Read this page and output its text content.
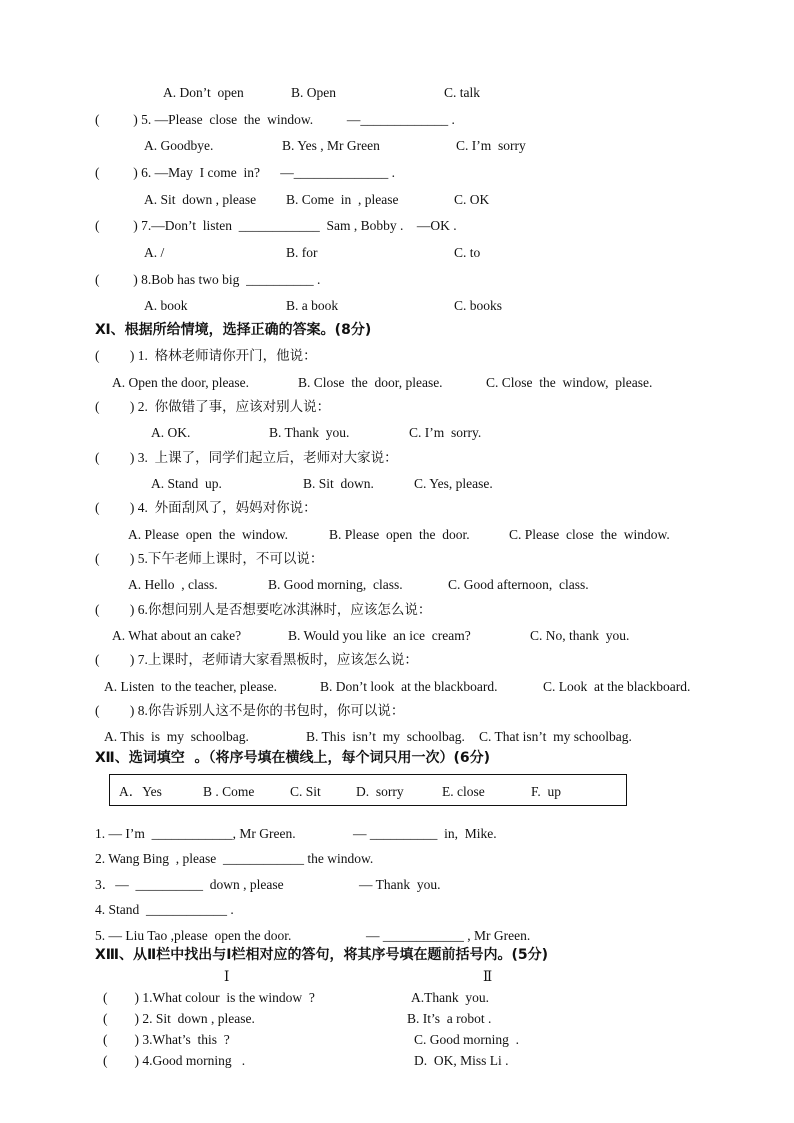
A. Don’t  open	B. Open	C. talk
(          ) 5. —Please  close  the  window.          —_____________ .
A. Goodbye.	B. Yes , Mr Green	C. I’m  sorry
(          ) 6. —May  I come  in?      —______________ .
A. Sit  down , please B. Come  in  , please	C. OK
(          ) 7.—Don’t  listen  ____________  Sam , Bobby .    —OK .
A. /	B. for	C. to
(          ) 8.Bob has two big  __________ .
A. book	B. a book	C. books
Ⅺ、根据所给情境，选择正确的答案。(8分)
(         ) 1.  格林老师请你开门，他说：
A. Open the door, please.	B. Close  the  door, please.	C. Close  the  window,  please.
(         ) 2.  你做错了事，应该对别人说：
A. OK.	B. Thank  you.	C. I’m  sorry.
(         ) 3.  上课了，同学们起立后，老师对大家说：
A. Stand  up.	B. Sit  down.	C. Yes, please.
(         ) 4.  外面刮风了，妈妈对你说：
A. Please  open  the  window.	B. Please  open  the  door.	C. Please  close  the  window.
(         ) 5.下午老师上课时，不可以说：
A. Hello  , class.	B. Good morning,  class.	C. Good afternoon,  class.
(         ) 6.你想问别人是否想要吃冰淇淋时，应该怎么说：
A. What about an cake?	B. Would you like  an ice  cream?	C. No, thank  you.
(         ) 7.上课时，老师请大家看黑板时，应该怎么说：
A. Listen  to the teacher, please.	B. Don’t look  at the blackboard.	C. Look  at the blackboard.
(         ) 8.你告诉别人这不是你的书包时，你可以说：
A. This  is  my  schoolbag.	B. This  isn’t  my  schoolbag. C. That isn’t  my schoolbag.
Ⅻ、选词填空  。（将序号填在横线上，每个词只用一次）(6分)
A．Yes	B . Come	C. Sit	D.  sorry	E. close	F.  up
1. — I’m  ____________, Mr Green.	— __________  in,  Mike.
2. Wang Bing  , please  ____________ the window.
3．—  __________  down , please	— Thank  you.
4. Stand  ____________ .
5. — Liu Tao ,please  open the door.	— ____________ , Mr Green.
ⅩⅢ、从Ⅱ栏中找出与Ⅰ栏相对应的答句，将其序号填在题前括号内。(5分)
Ⅰ	Ⅱ
(        ) 1.What colour  is the window  ?	A.Thank  you.
(        ) 2. Sit  down , please.	B. It’s  a robot .
(        ) 3.What’s  this  ?	C. Good morning  .
(        ) 4.Good morning   .	D.  OK, Miss Li .
